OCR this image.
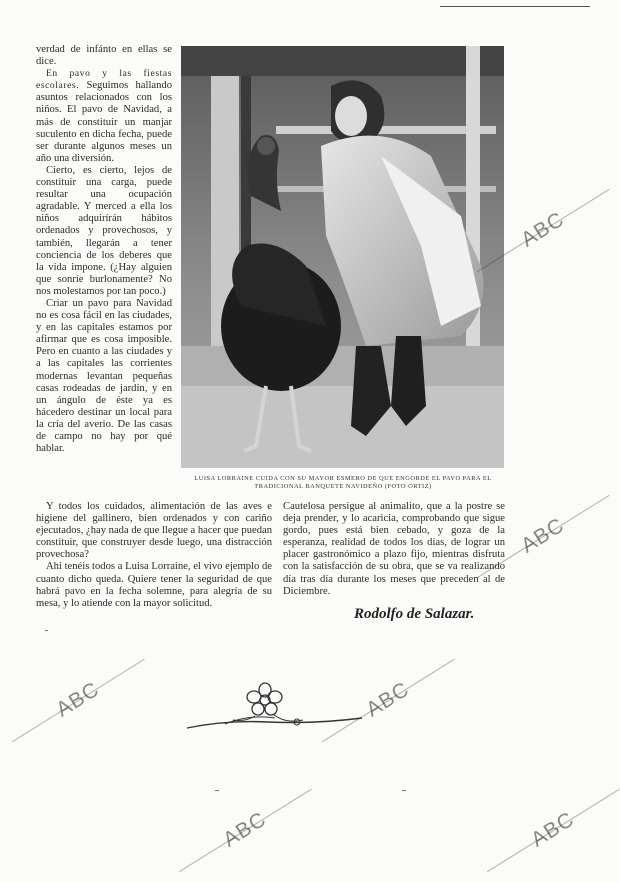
verdad de infánto en ellas se dice.

En pavo y las fiestas escolares. Seguimos hallando asuntos relacionados con los niños. El pavo de Navidad, a más de constituir un manjar suculento en dicha fecha, puede ser durante algunos meses un año una diversión.

Cierto, es cierto, lejos de constituir una carga, puede resultar una ocupación agradable. Y merced a ella los niños adquirírán hábitos ordenados y provechosos, y también, llegarán a tener conciencia de los deberes que la vida impone. (¿Hay alguien que sonríe burlonamente? No nos molestamos por tan poco.)

Criar un pavo para Navidad no es cosa fácil en las ciudades, y en las capitales estamos por afirmar que es cosa imposible. Pero en cuanto a las ciudades y a las capitales las corrientes modernas levantan pequeñas casas rodeadas de jardín, y en un ángulo de éste ya es hácedero destinar un local para la cría del averio. De las casas de campo no hay por qué hablar.

LUISA LORRAINE CUIDA CON SU MAYOR ESMERO DE QUE ENGORDE EL PAVO PARA EL TRADICIONAL BANQUETE NAVIDEÑO (FOTO ORTIZ)

Y todos los cuidados, alimentación de las aves e higiene del gallinero, bien ordenados y con cariño ejecutados, ¿hay nada de que llegue a hacer que puedan constituir, que construyer desde luego, una distracción provechosa?

Ahi tenéis todos a Luisa Lorraine, el vivo ejemplo de cuanto dicho queda. Quiere tener la seguridad de que habrá pavo en la fecha solemne, para alegría de su mesa, y lo atiende con la mayor solicitud.

Cautelosa persigue al animalito, que a la postre se deja prender, y lo acaricia, comprobando que sigue gordo, pues está bien cebado, y goza de la esperanza, realidad de todos los días, de lograr un placer gastronómico a plazo fijo, mientras disfruta con la satisfacción de su obra, que se va realizando día tras día durante los meses que preceden al de Diciembre.

Rodolfo de Salazar.
ABC
ABC
ABC	ABC
ABC	ABC
